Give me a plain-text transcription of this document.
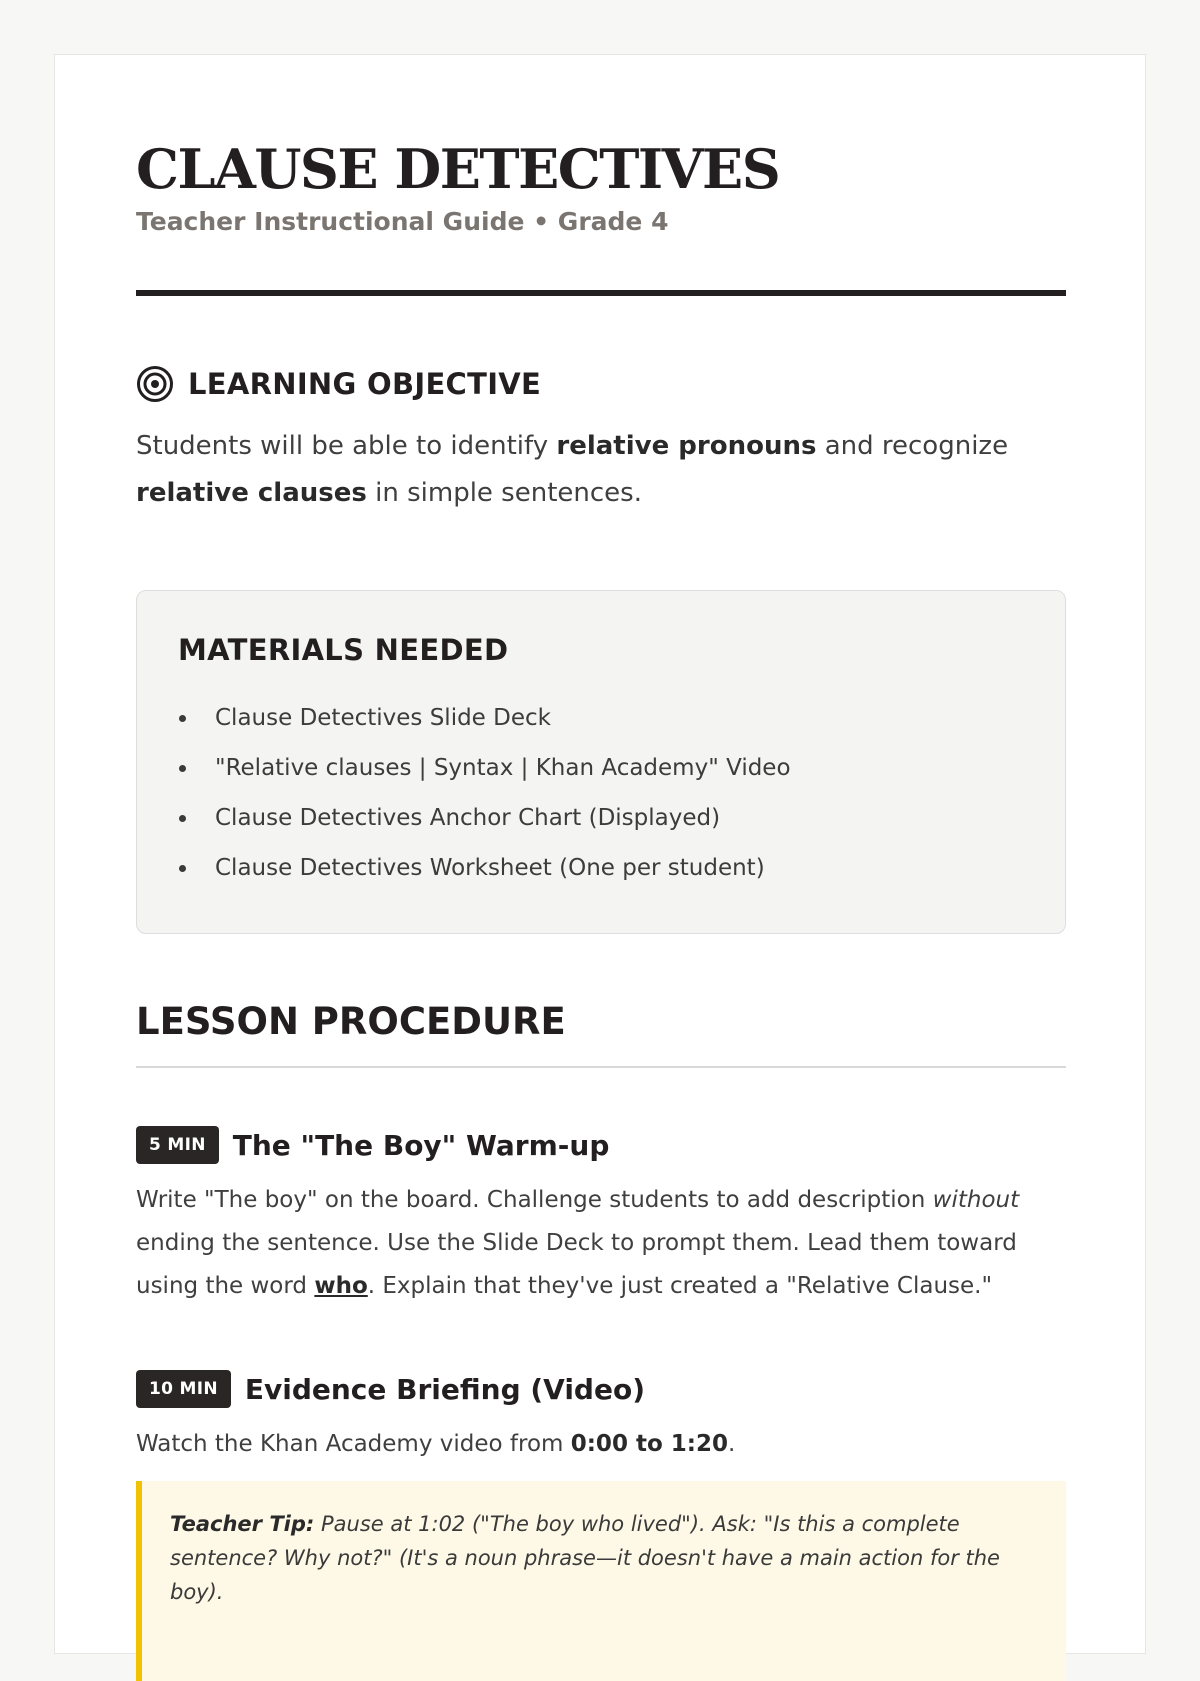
CLAUSE DETECTIVES
Teacher Instructional Guide • Grade 4
LEARNING OBJECTIVE

Students will be able to identify relative pronouns and recognize relative clauses in simple sentences.

MATERIALS NEEDED
Clause Detectives Slide Deck
"Relative clauses | Syntax | Khan Academy" Video
Clause Detectives Anchor Chart (Displayed)
Clause Detectives Worksheet (One per student)
LESSON PROCEDURE
5 MIN The "The Boy" Warm-up

Write "The boy" on the board. Challenge students to add description without ending the sentence. Use the Slide Deck to prompt them. Lead them toward using the word who. Explain that they've just created a "Relative Clause."

10 MIN Evidence Briefing (Video)

Watch the Khan Academy video from 0:00 to 1:20.

Teacher Tip: Pause at 1:02 ("The boy who lived"). Ask: "Is this a complete sentence? Why not?" (It's a noun phrase—it doesn't have a main action for the boy).
